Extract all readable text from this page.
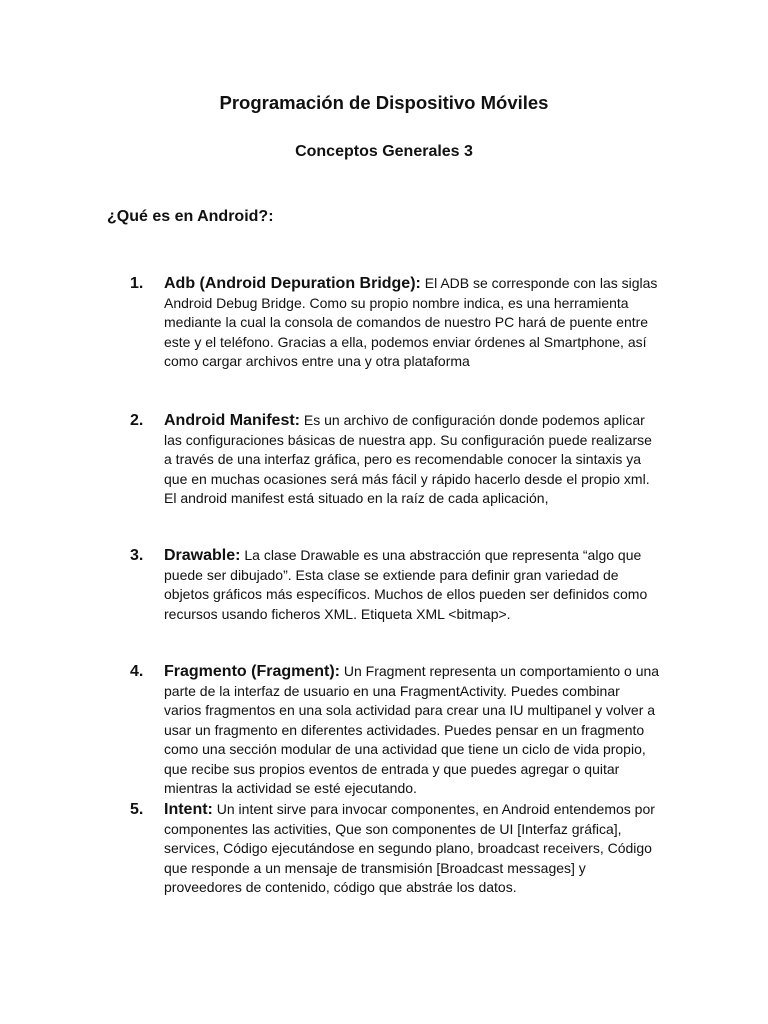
Programación de Dispositivo Móviles
Conceptos Generales 3
¿Qué es en Android?:
1. Adb (Android Depuration Bridge): El ADB se corresponde con las siglas Android Debug Bridge. Como su propio nombre indica, es una herramienta mediante la cual la consola de comandos de nuestro PC hará de puente entre este y el teléfono. Gracias a ella, podemos enviar órdenes al Smartphone, así como cargar archivos entre una y otra plataforma
2. Android Manifest: Es un archivo de configuración donde podemos aplicar las configuraciones básicas de nuestra app. Su configuración puede realizarse a través de una interfaz gráfica, pero es recomendable conocer la sintaxis ya que en muchas ocasiones será más fácil y rápido hacerlo desde el propio xml. El android manifest está situado en la raíz de cada aplicación,
3. Drawable: La clase Drawable es una abstracción que representa “algo que puede ser dibujado”. Esta clase se extiende para definir gran variedad de objetos gráficos más específicos. Muchos de ellos pueden ser definidos como recursos usando ficheros XML. Etiqueta XML <bitmap>.
4. Fragmento (Fragment): Un Fragment representa un comportamiento o una parte de la interfaz de usuario en una FragmentActivity. Puedes combinar varios fragmentos en una sola actividad para crear una IU multipanel y volver a usar un fragmento en diferentes actividades. Puedes pensar en un fragmento como una sección modular de una actividad que tiene un ciclo de vida propio, que recibe sus propios eventos de entrada y que puedes agregar o quitar mientras la actividad se esté ejecutando.
5. Intent: Un intent sirve para invocar componentes, en Android entendemos por componentes las activities, Que son componentes de UI [Interfaz gráfica], services, Código ejecutándose en segundo plano, broadcast receivers, Código que responde a un mensaje de transmisión [Broadcast messages] y proveedores de contenido, código que abstráe los datos.
